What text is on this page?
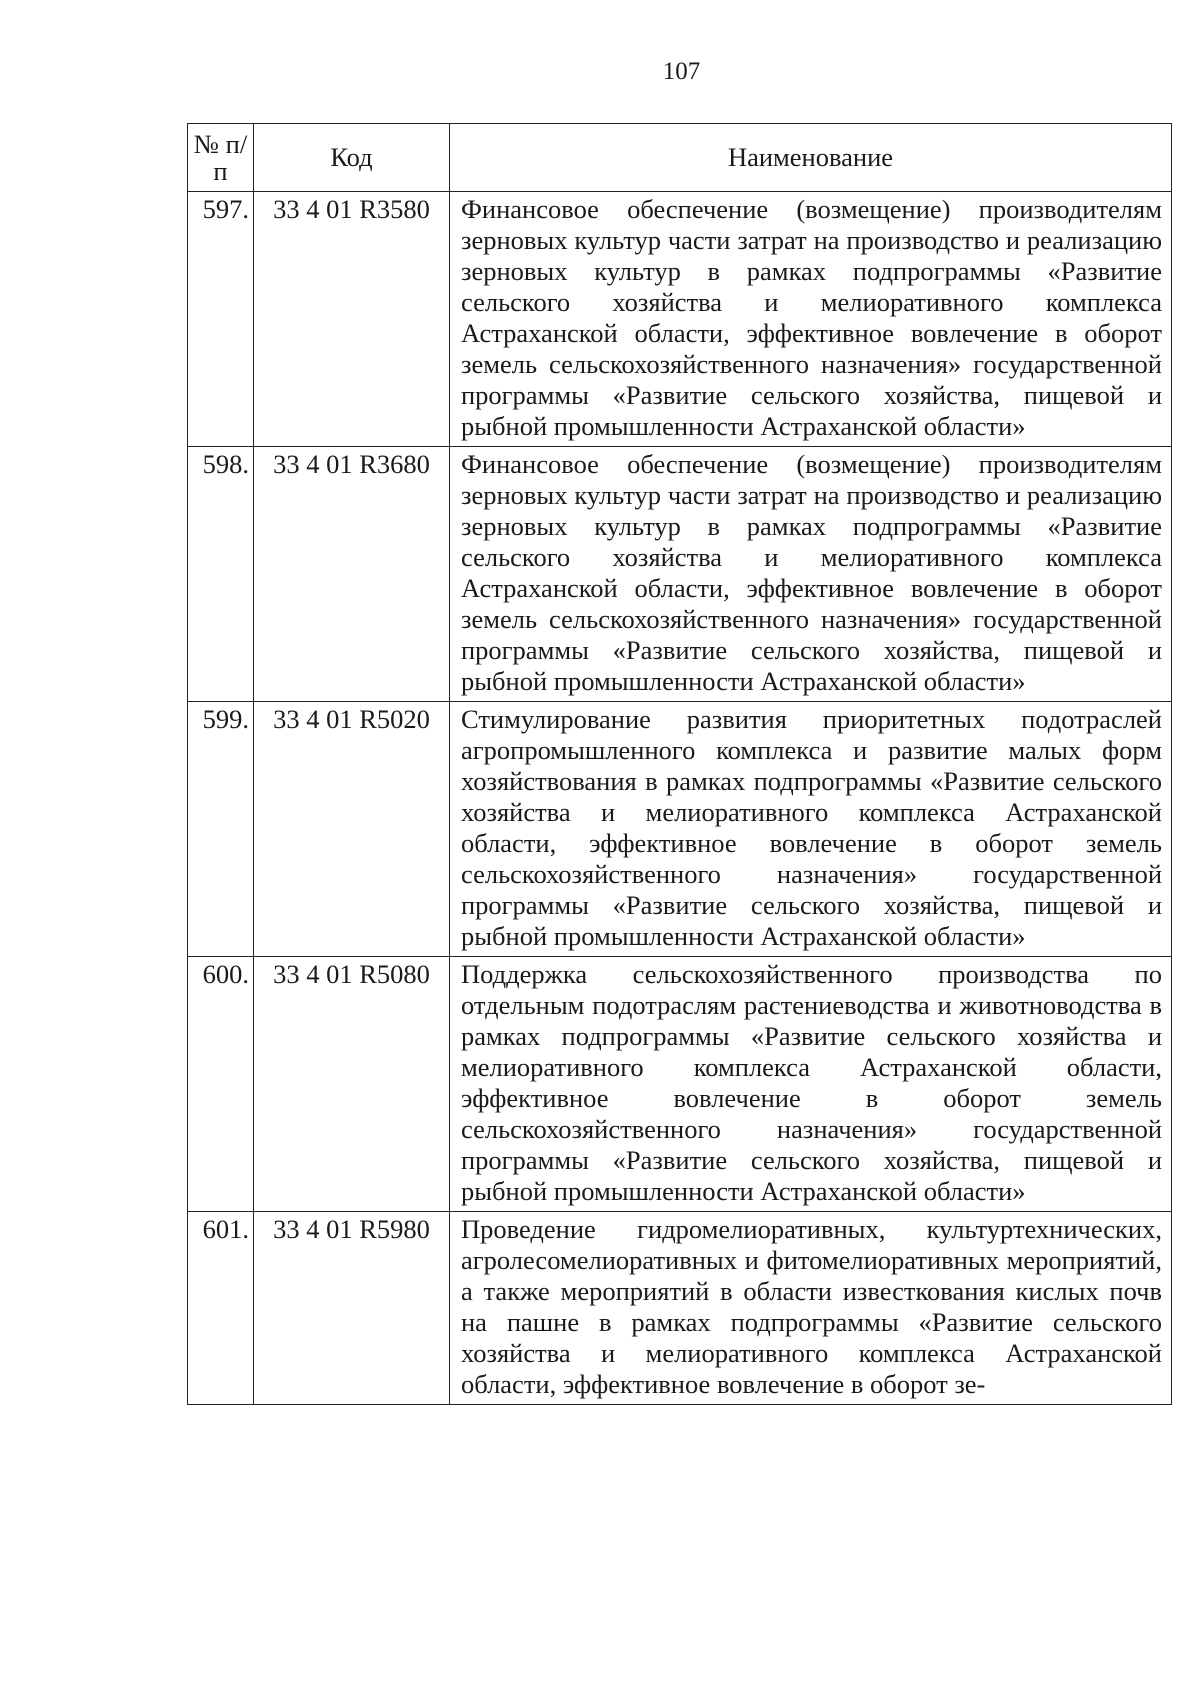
107
№ п/п	Код	Наименование
597.	33 4 01 R3580	Финансовое обеспечение (возмещение) производителям зерновых культур части затрат на производство и реализацию зерновых культур в рамках подпрограммы «Развитие сельского хозяйства и мелиоративного комплекса Астраханской области, эффективное вовлечение в оборот земель сельскохозяйственного назначения» государственной программы «Развитие сельского хозяйства, пищевой и рыбной промышленности Астраханской области»
598.	33 4 01 R3680	Финансовое обеспечение (возмещение) производителям зерновых культур части затрат на производство и реализацию зерновых культур в рамках подпрограммы «Развитие сельского хозяйства и мелиоративного комплекса Астраханской области, эффективное вовлечение в оборот земель сельскохозяйственного назначения» государственной программы «Развитие сельского хозяйства, пищевой и рыбной промышленности Астраханской области»
599.	33 4 01 R5020	Стимулирование развития приоритетных подотраслей агропромышленного комплекса и развитие малых форм хозяйствования в рамках подпрограммы «Развитие сельского хозяйства и мелиоративного комплекса Астраханской области, эффективное вовлечение в оборот земель сельскохозяйственного назначения» государственной программы «Развитие сельского хозяйства, пищевой и рыбной промышленности Астраханской области»
600.	33 4 01 R5080	Поддержка сельскохозяйственного производства по отдельным подотраслям растениеводства и животноводства в рамках подпрограммы «Развитие сельского хозяйства и мелиоративного комплекса Астраханской области, эффективное вовлечение в оборот земель сельскохозяйственного назначения» государственной программы «Развитие сельского хозяйства, пищевой и рыбной промышленности Астраханской области»
601.	33 4 01 R5980	Проведение гидромелиоративных, культуртехнических, агролесомелиоративных и фитомелиоративных мероприятий, а также мероприятий в области известкования кислых почв на пашне в рамках подпрограммы «Развитие сельского хозяйства и мелиоративного комплекса Астраханской области, эффективное вовлечение в оборот зе-
